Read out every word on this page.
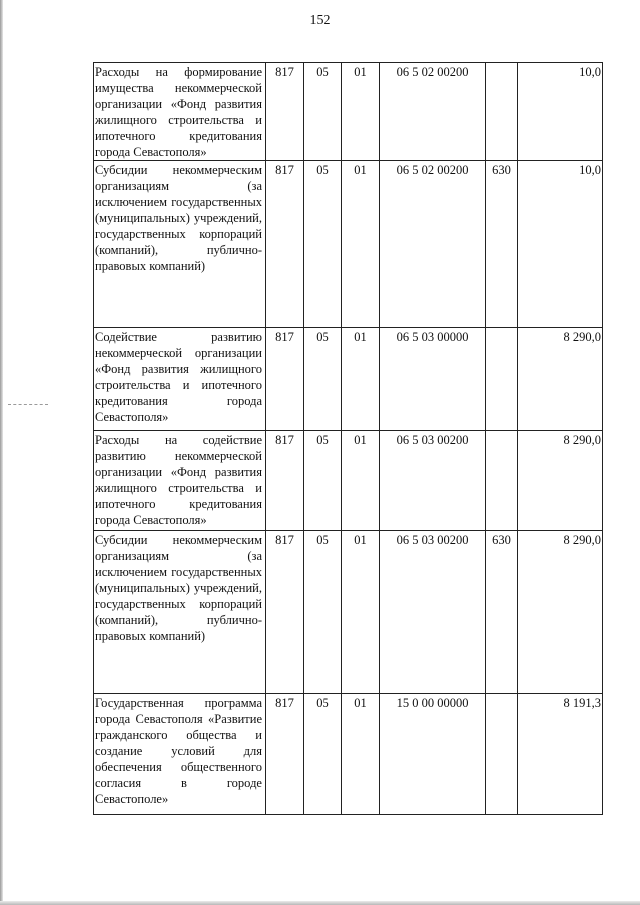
152
Расходы на формирование имущества некоммерческой организации «Фонд развития жилищного строительства и ипотечного кредитования города Севастополя»	817	05	01	06 5 02 00200		10,0
Субсидии некоммерческим организациям (за исключением государственных (муниципальных) учреждений, государственных корпораций (компаний), публично-правовых компаний)	817	05	01	06 5 02 00200	630	10,0
Содействие развитию некоммерческой организации «Фонд развития жилищного строительства и ипотечного кредитования города Севастополя»	817	05	01	06 5 03 00000		8 290,0
Расходы на содействие развитию некоммерческой организации «Фонд развития жилищного строительства и ипотечного кредитования города Севастополя»	817	05	01	06 5 03 00200		8 290,0
Субсидии некоммерческим организациям (за исключением государственных (муниципальных) учреждений, государственных корпораций (компаний), публично-правовых компаний)	817	05	01	06 5 03 00200	630	8 290,0
Государственная программа города Севастополя «Развитие гражданского общества и создание условий для обеспечения общественного согласия в городе Севастополе»	817	05	01	15 0 00 00000		8 191,3
